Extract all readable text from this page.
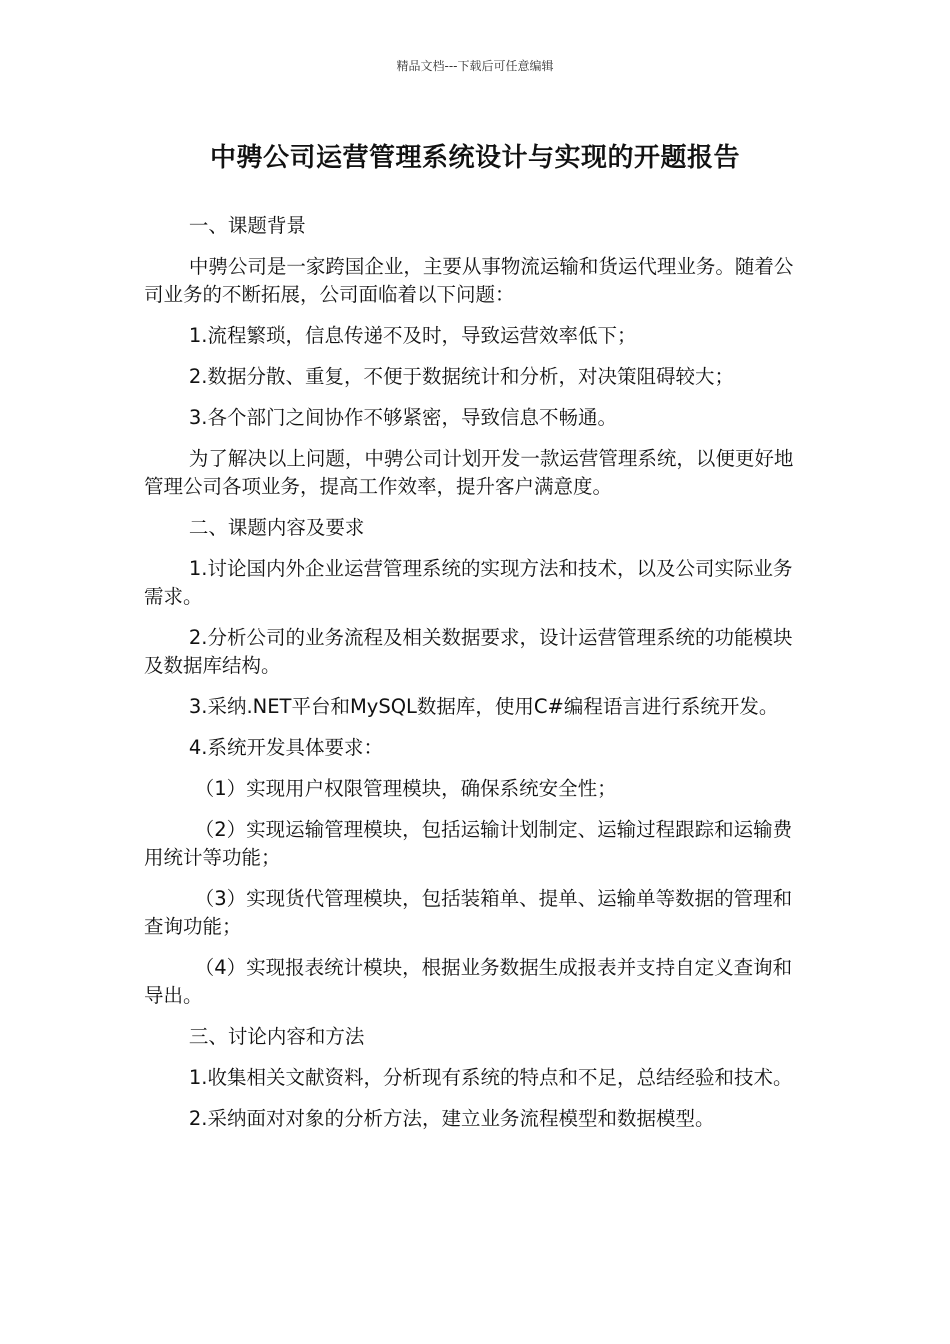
精品文档---下载后可任意编辑
中骋公司运营管理系统设计与实现的开题报告

一、课题背景

中骋公司是一家跨国企业，主要从事物流运输和货运代理业务。随着公司业务的不断拓展，公司面临着以下问题：

1.流程繁琐，信息传递不及时，导致运营效率低下；

2.数据分散、重复，不便于数据统计和分析，对决策阻碍较大；

3.各个部门之间协作不够紧密，导致信息不畅通。

为了解决以上问题，中骋公司计划开发一款运营管理系统，以便更好地管理公司各项业务，提高工作效率，提升客户满意度。

二、课题内容及要求

1.讨论国内外企业运营管理系统的实现方法和技术，以及公司实际业务需求。

2.分析公司的业务流程及相关数据要求，设计运营管理系统的功能模块及数据库结构。

3.采纳.NET平台和MySQL数据库，使用C#编程语言进行系统开发。

4.系统开发具体要求：

（1）实现用户权限管理模块，确保系统安全性；

（2）实现运输管理模块，包括运输计划制定、运输过程跟踪和运输费用统计等功能；

（3）实现货代管理模块，包括装箱单、提单、运输单等数据的管理和查询功能；

（4）实现报表统计模块，根据业务数据生成报表并支持自定义查询和导出。

三、讨论内容和方法

1.收集相关文献资料，分析现有系统的特点和不足，总结经验和技术。

2.采纳面对对象的分析方法，建立业务流程模型和数据模型。
